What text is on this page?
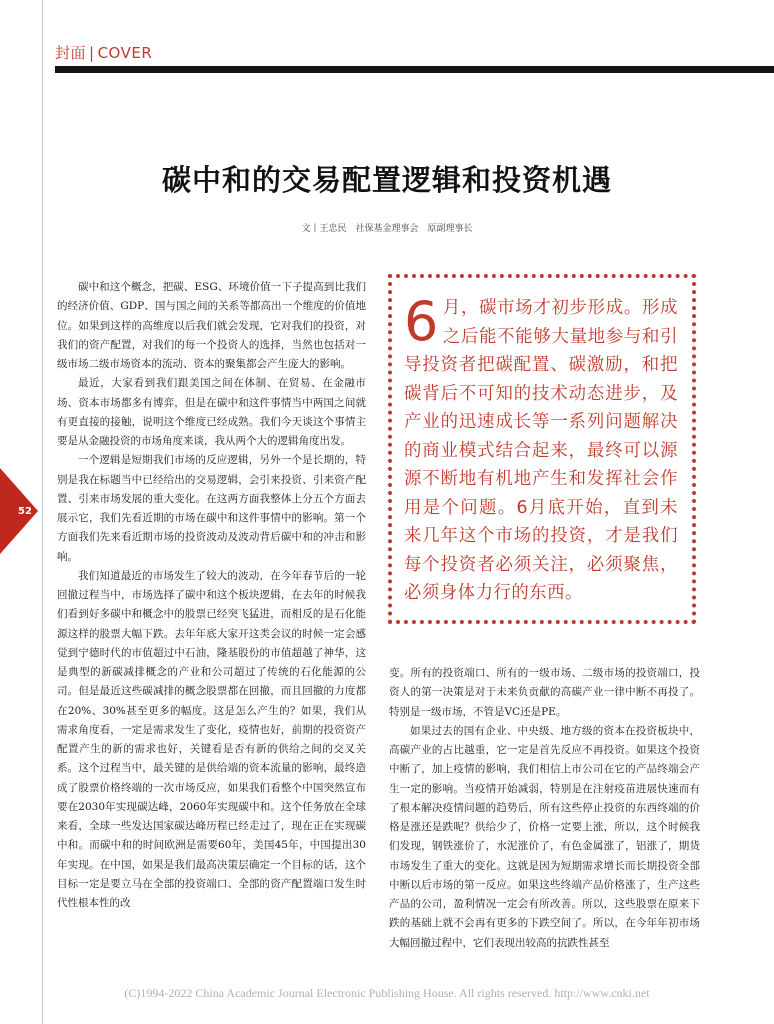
封面 | COVER
碳中和的交易配置逻辑和投资机遇
文丨王忠民　社保基金理事会　原副理事长
52

碳中和这个概念，把碳、ESG、环境价值一下子提高到比我们的经济价值、GDP、国与国之间的关系等都高出一个维度的价值地位。如果到这样的高维度以后我们就会发现，它对我们的投资，对我们的资产配置，对我们的每一个投资人的选择，当然也包括对一级市场二级市场资本的流动、资本的聚集都会产生庞大的影响。

最近，大家看到我们跟美国之间在体制、在贸易、在金融市场、资本市场都多有博弈，但是在碳中和这件事情当中两国之间就有更直接的接触，说明这个维度已经成熟。我们今天谈这个事情主要是从金融投资的市场角度来谈，我从两个大的逻辑角度出发。

一个逻辑是短期我们市场的反应逻辑，另外一个是长期的，特别是我在标题当中已经给出的交易逻辑，会引来投资、引来资产配置、引来市场发展的重大变化。在这两方面我整体上分五个方面去展示它，我们先看近期的市场在碳中和这件事情中的影响。第一个方面我们先来看近期市场的投资波动及波动背后碳中和的冲击和影响。

我们知道最近的市场发生了较大的波动，在今年春节后的一轮回撤过程当中，市场选择了碳中和这个板块逻辑，在去年的时候我们看到好多碳中和概念中的股票已经突飞猛进，而相反的是石化能源这样的股票大幅下跌。去年年底大家开这类会议的时候一定会感觉到宁德时代的市值超过中石油，隆基股份的市值超越了神华，这是典型的新碳减排概念的产业和公司超过了传统的石化能源的公司。但是最近这些碳减排的概念股票都在回撤，而且回撤的力度都在20%、30%甚至更多的幅度。这是怎么产生的？如果，我们从需求角度看，一定是需求发生了变化，疫情也好，前期的投资资产配置产生的新的需求也好，关键看是否有新的供给之间的交叉关系。这个过程当中，最关键的是供给端的资本流量的影响，最终造成了股票价格终端的一次市场反应，如果我们看整个中国突然宣布要在2030年实现碳达峰，2060年实现碳中和。这个任务放在全球来看，全球一些发达国家碳达峰历程已经走过了，现在正在实现碳中和。而碳中和的时间欧洲是需要60年，美国45年，中国提出30年实现。在中国，如果是我们最高决策层确定一个目标的话，这个目标一定是要立马在全部的投资端口、全部的资产配置端口发生时代性根本性的改

6 月，碳市场才初步形成。形成之后能不能够大量地参与和引导投资者把碳配置、碳激励，和把碳背后不可知的技术动态进步，及产业的迅速成长等一系列问题解决的商业模式结合起来，最终可以源源不断地有机地产生和发挥社会作用是个问题。6月底开始，直到未来几年这个市场的投资，才是我们每个投资者必须关注，必须聚焦，必须身体力行的东西。

变。所有的投资端口、所有的一级市场、二级市场的投资端口，投资人的第一决策是对于未来负贡献的高碳产业一律中断不再投了。特别是一级市场，不管是VC还是PE。

如果过去的国有企业、中央级、地方级的资本在投资板块中，高碳产业的占比越重，它一定是首先反应不再投资。如果这个投资中断了，加上疫情的影响，我们相信上市公司在它的产品终端会产生一定的影响。当疫情开始减弱，特别是在注射疫苗进展快速而有了根本解决疫情问题的趋势后，所有这些停止投资的东西终端的价格是涨还是跌呢？供给少了，价格一定要上涨，所以，这个时候我们发现，钢铁涨价了，水泥涨价了，有色金属涨了，铝涨了，期货市场发生了重大的变化。这就是因为短期需求增长而长期投资全部中断以后市场的第一反应。如果这些终端产品价格涨了，生产这些产品的公司，盈利情况一定会有所改善。所以，这些股票在原来下跌的基础上就不会再有更多的下跌空间了。所以，在今年年初市场大幅回撤过程中，它们表现出较高的抗跌性甚至

(C)1994-2022 China Academic Journal Electronic Publishing House. All rights reserved. http://www.cnki.net
